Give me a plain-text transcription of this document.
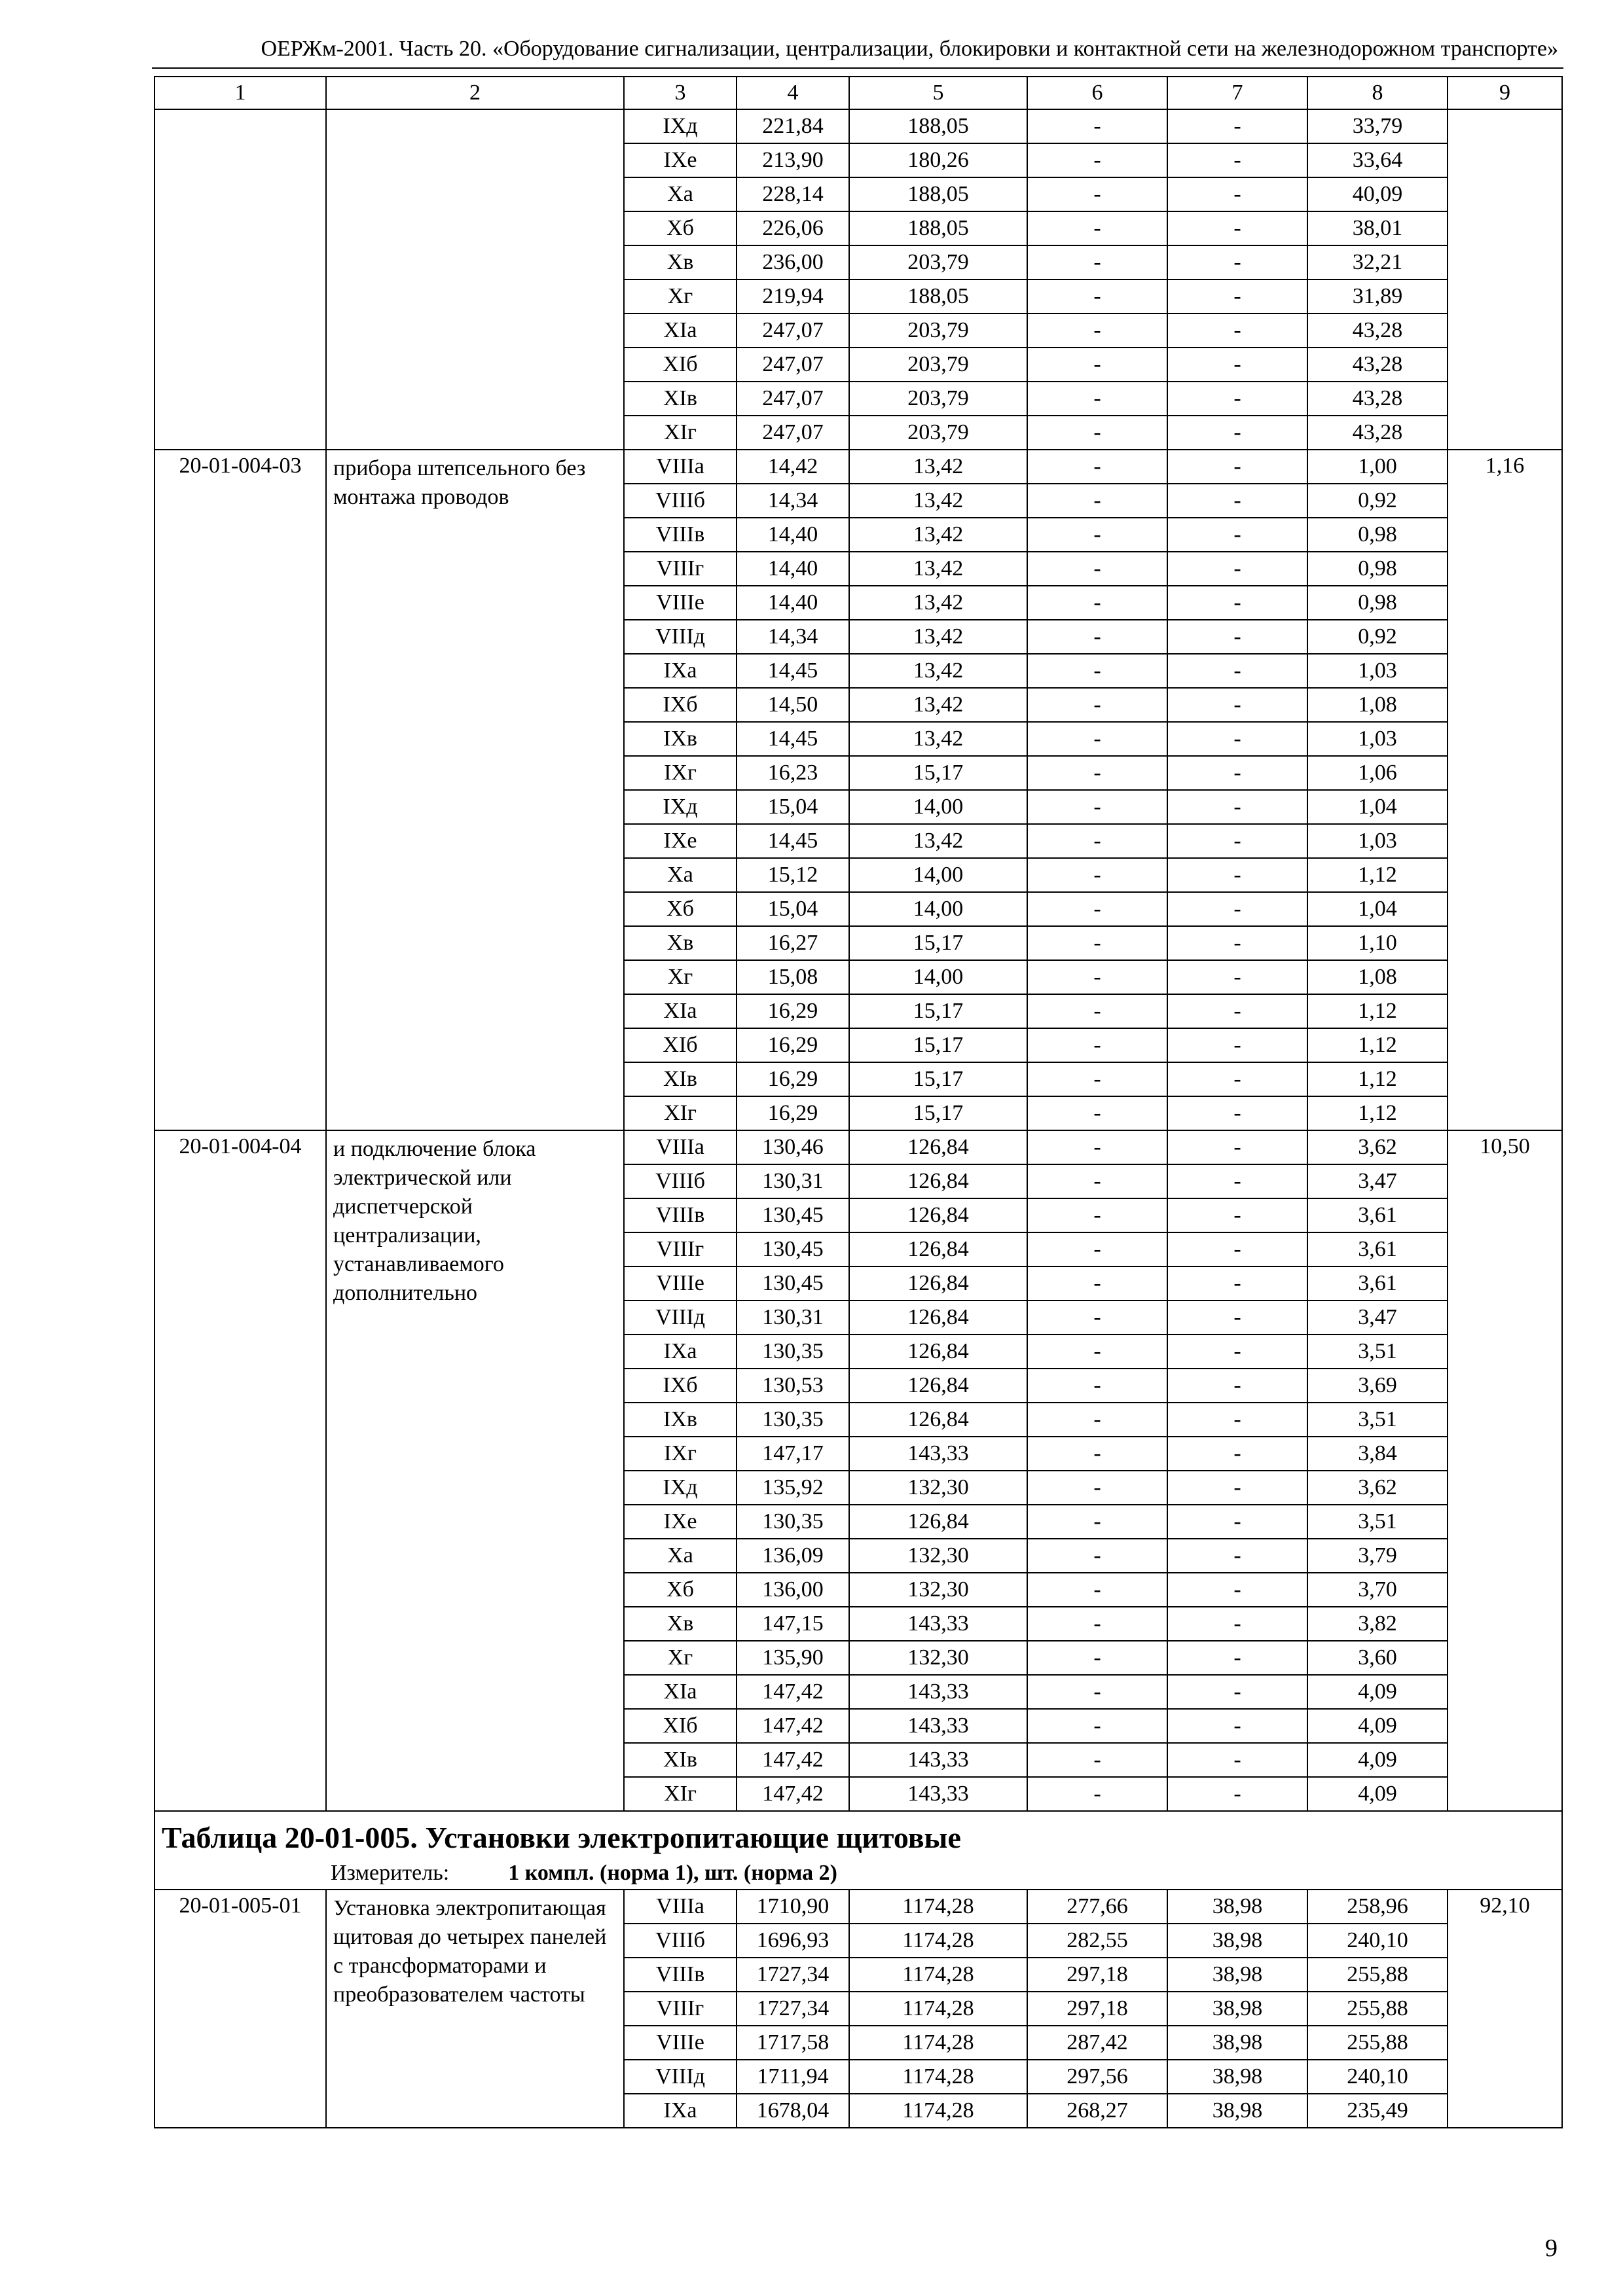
ОЕРЖм-2001. Часть 20. «Оборудование сигнализации, централизации, блокировки и контактной сети на железнодорожном транспорте»
1	2	3	4	5	6	7	8	9
		IXд	221,84	188,05	-	-	33,79	
		IXе	213,90	180,26	-	-	33,64	
		Xа	228,14	188,05	-	-	40,09	
		Xб	226,06	188,05	-	-	38,01	
		Xв	236,00	203,79	-	-	32,21	
		Xг	219,94	188,05	-	-	31,89	
		XIа	247,07	203,79	-	-	43,28	
		XIб	247,07	203,79	-	-	43,28	
		XIв	247,07	203,79	-	-	43,28	
		XIг	247,07	203,79	-	-	43,28	
20-01-004-03	прибора штепсельного без монтажа проводов	VIIIа	14,42	13,42	-	-	1,00	1,16
		VIIIб	14,34	13,42	-	-	0,92	
		VIIIв	14,40	13,42	-	-	0,98	
		VIIIг	14,40	13,42	-	-	0,98	
		VIIIе	14,40	13,42	-	-	0,98	
		VIIIд	14,34	13,42	-	-	0,92	
		IXа	14,45	13,42	-	-	1,03	
		IXб	14,50	13,42	-	-	1,08	
		IXв	14,45	13,42	-	-	1,03	
		IXг	16,23	15,17	-	-	1,06	
		IXд	15,04	14,00	-	-	1,04	
		IXе	14,45	13,42	-	-	1,03	
		Xа	15,12	14,00	-	-	1,12	
		Xб	15,04	14,00	-	-	1,04	
		Xв	16,27	15,17	-	-	1,10	
		Xг	15,08	14,00	-	-	1,08	
		XIа	16,29	15,17	-	-	1,12	
		XIб	16,29	15,17	-	-	1,12	
		XIв	16,29	15,17	-	-	1,12	
		XIг	16,29	15,17	-	-	1,12	
20-01-004-04	и подключение блока электрической или диспетчерской централизации, устанавливаемого дополнительно	VIIIа	130,46	126,84	-	-	3,62	10,50
		VIIIб	130,31	126,84	-	-	3,47	
		VIIIв	130,45	126,84	-	-	3,61	
		VIIIг	130,45	126,84	-	-	3,61	
		VIIIе	130,45	126,84	-	-	3,61	
		VIIIд	130,31	126,84	-	-	3,47	
		IXа	130,35	126,84	-	-	3,51	
		IXб	130,53	126,84	-	-	3,69	
		IXв	130,35	126,84	-	-	3,51	
		IXг	147,17	143,33	-	-	3,84	
		IXд	135,92	132,30	-	-	3,62	
		IXе	130,35	126,84	-	-	3,51	
		Xа	136,09	132,30	-	-	3,79	
		Xб	136,00	132,30	-	-	3,70	
		Xв	147,15	143,33	-	-	3,82	
		Xг	135,90	132,30	-	-	3,60	
		XIа	147,42	143,33	-	-	4,09	
		XIб	147,42	143,33	-	-	4,09	
		XIв	147,42	143,33	-	-	4,09	
		XIг	147,42	143,33	-	-	4,09	

Таблица 20-01-005. Установки электропитающие щитовые
Измеритель: 1 компл. (норма 1), шт. (норма 2)								

20-01-005-01	Установка электропитающая щитовая до четырех панелей с трансформаторами и преобразователем частоты	VIIIа	1710,90	1174,28	277,66	38,98	258,96	92,10
		VIIIб	1696,93	1174,28	282,55	38,98	240,10	
		VIIIв	1727,34	1174,28	297,18	38,98	255,88	
		VIIIг	1727,34	1174,28	297,18	38,98	255,88	
		VIIIе	1717,58	1174,28	287,42	38,98	255,88	
		VIIIд	1711,94	1174,28	297,56	38,98	240,10	
		IXа	1678,04	1174,28	268,27	38,98	235,49	
9
